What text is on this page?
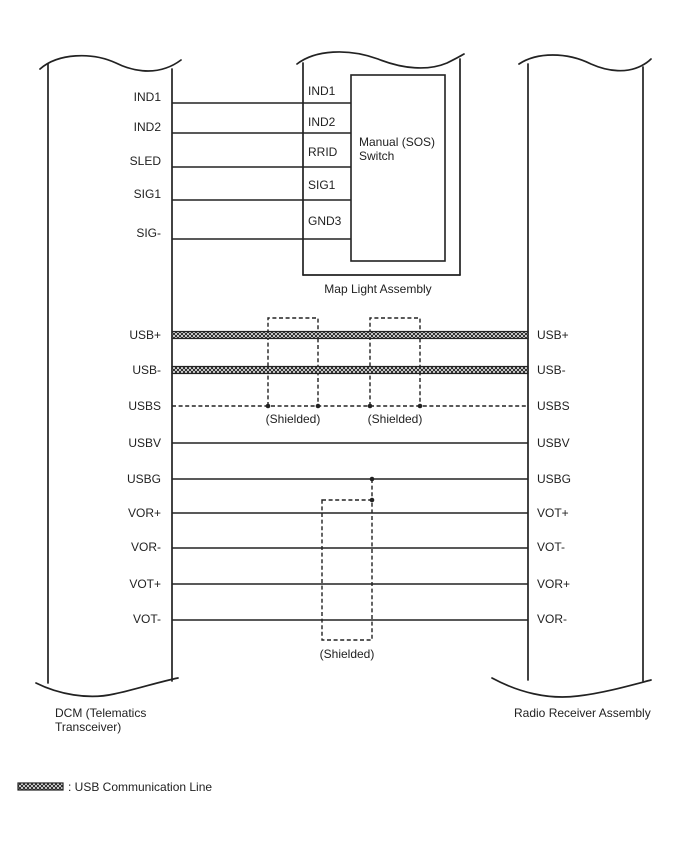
IND1
IND2
SLED
SIG1
SIG-
USB+
USB-
USBS
USBV
USBG
VOR+
VOR-
VOT+
VOT-
USB+
USB-
USBS
USBV
USBG
VOT+
VOT-
VOR+
VOR-
IND1
IND2
RRID
SIG1
GND3
Manual (SOS)
Switch
Map Light Assembly
DCM (Telematics
Transceiver)
Radio Receiver Assembly
(Shielded)	(Shielded)
(Shielded)
: USB Communication Line
